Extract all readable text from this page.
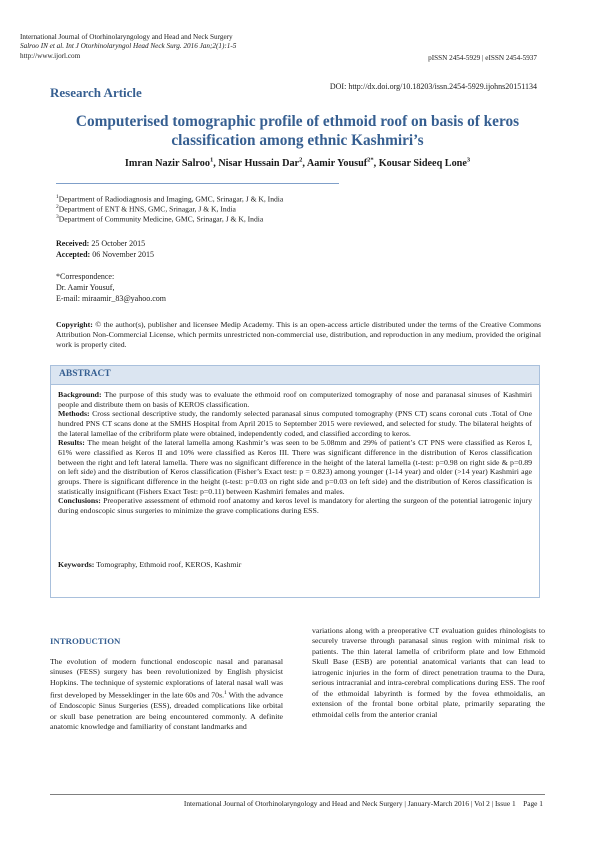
International Journal of Otorhinolaryngology and Head and Neck Surgery
Salroo IN et al. Int J Otorhinolaryngol Head Neck Surg. 2016 Jan;2(1):1-5
http://www.ijorl.com	pISSN 2454-5929 | eISSN 2454-5937
DOI: http://dx.doi.org/10.18203/issn.2454-5929.ijohns20151134
Research Article
Computerised tomographic profile of ethmoid roof on basis of keros classification among ethnic Kashmiri’s
Imran Nazir Salroo$^1$, Nisar Hussain Dar$^2$, Aamir Yousuf$^{2*}$, Kousar Sideeq Lone$^3$
$^1$Department of Radiodiagnosis and Imaging, GMC, Srinagar, J & K, India
$^2$Department of ENT & HNS, GMC, Srinagar, J & K, India
$^3$Department of Community Medicine, GMC, Srinagar, J & K, India
Received: 25 October 2015
Accepted: 06 November 2015
*Correspondence:
Dr. Aamir Yousuf,
E-mail: miraamir_83@yahoo.com
Copyright: © the author(s), publisher and licensee Medip Academy. This is an open-access article distributed under the terms of the Creative Commons Attribution Non-Commercial License, which permits unrestricted non-commercial use, distribution, and reproduction in any medium, provided the original work is properly cited.
ABSTRACT

Background: The purpose of this study was to evaluate the ethmoid roof on computerized tomography of nose and paranasal sinuses of Kashmiri people and distribute them on basis of KEROS classification.

Methods: Cross sectional descriptive study, the randomly selected paranasal sinus computed tomography (PNS CT) scans coronal cuts .Total of One hundred PNS CT scans done at the SMHS Hospital from April 2015 to September 2015 were reviewed, and selected for study. The bilateral heights of the lateral lamellae of the cribriform plate were obtained, independently coded, and classified according to keros.

Results: The mean height of the lateral lamella among Kashmir’s was seen to be 5.08mm and 29% of patient’s CT PNS were classified as Keros I, 61% were classified as Keros II and 10% were classified as Keros III. There was significant difference in the distribution of Keros classification between the right and left lateral lamella. There was no significant difference in the height of the lateral lamella (t-test: p=0.98 on right side & p=0.89 on left side) and the distribution of Keros classification (Fisher’s Exact test: p = 0.823) among younger (1-14 year) and older (>14 year) Kashmiri age groups. There is significant difference in the height (t-test: p=0.03 on right side and p=0.03 on left side) and the distribution of Keros classification is statistically insignificant (Fishers Exact Test: p=0.11) between Kashmiri females and males.

Conclusions: Preoperative assessment of ethmoid roof anatomy and keros level is mandatory for alerting the surgeon of the potential iatrogenic injury during endoscopic sinus surgeries to minimize the grave complications during ESS.

Keywords: Tomography, Ethmoid roof, KEROS, Kashmir
INTRODUCTION
The evolution of modern functional endoscopic nasal and paranasal sinuses (FESS) surgery has been revolutionized by English physicist Hopkins. The technique of systemic explorations of lateral nasal wall was first developed by Messeklinger in the late 60s and 70s.$^1$ With the advance of Endoscopic Sinus Surgeries (ESS), dreaded complications like orbital or skull base penetration are being encountered commonly. A definite anatomic knowledge and familiarity of constant landmarks and
variations along with a preoperative CT evaluation guides rhinologists to securely traverse through paranasal sinus region with minimal risk to patients. The thin lateral lamella of cribriform plate and low Ethmoid Skull Base (ESB) are potential anatomical variants that can lead to iatrogenic injuries in the form of direct penetration trauma to the Dura, serious intracranial and intra-cerebral complications during ESS. The roof of the ethmoidal labyrinth is formed by the fovea ethmoidalis, an extension of the frontal bone orbital plate, primarily separating the ethmoidal cells from the anterior cranial
International Journal of Otorhinolaryngology and Head and Neck Surgery | January-March 2016 | Vol 2 | Issue 1    Page 1
